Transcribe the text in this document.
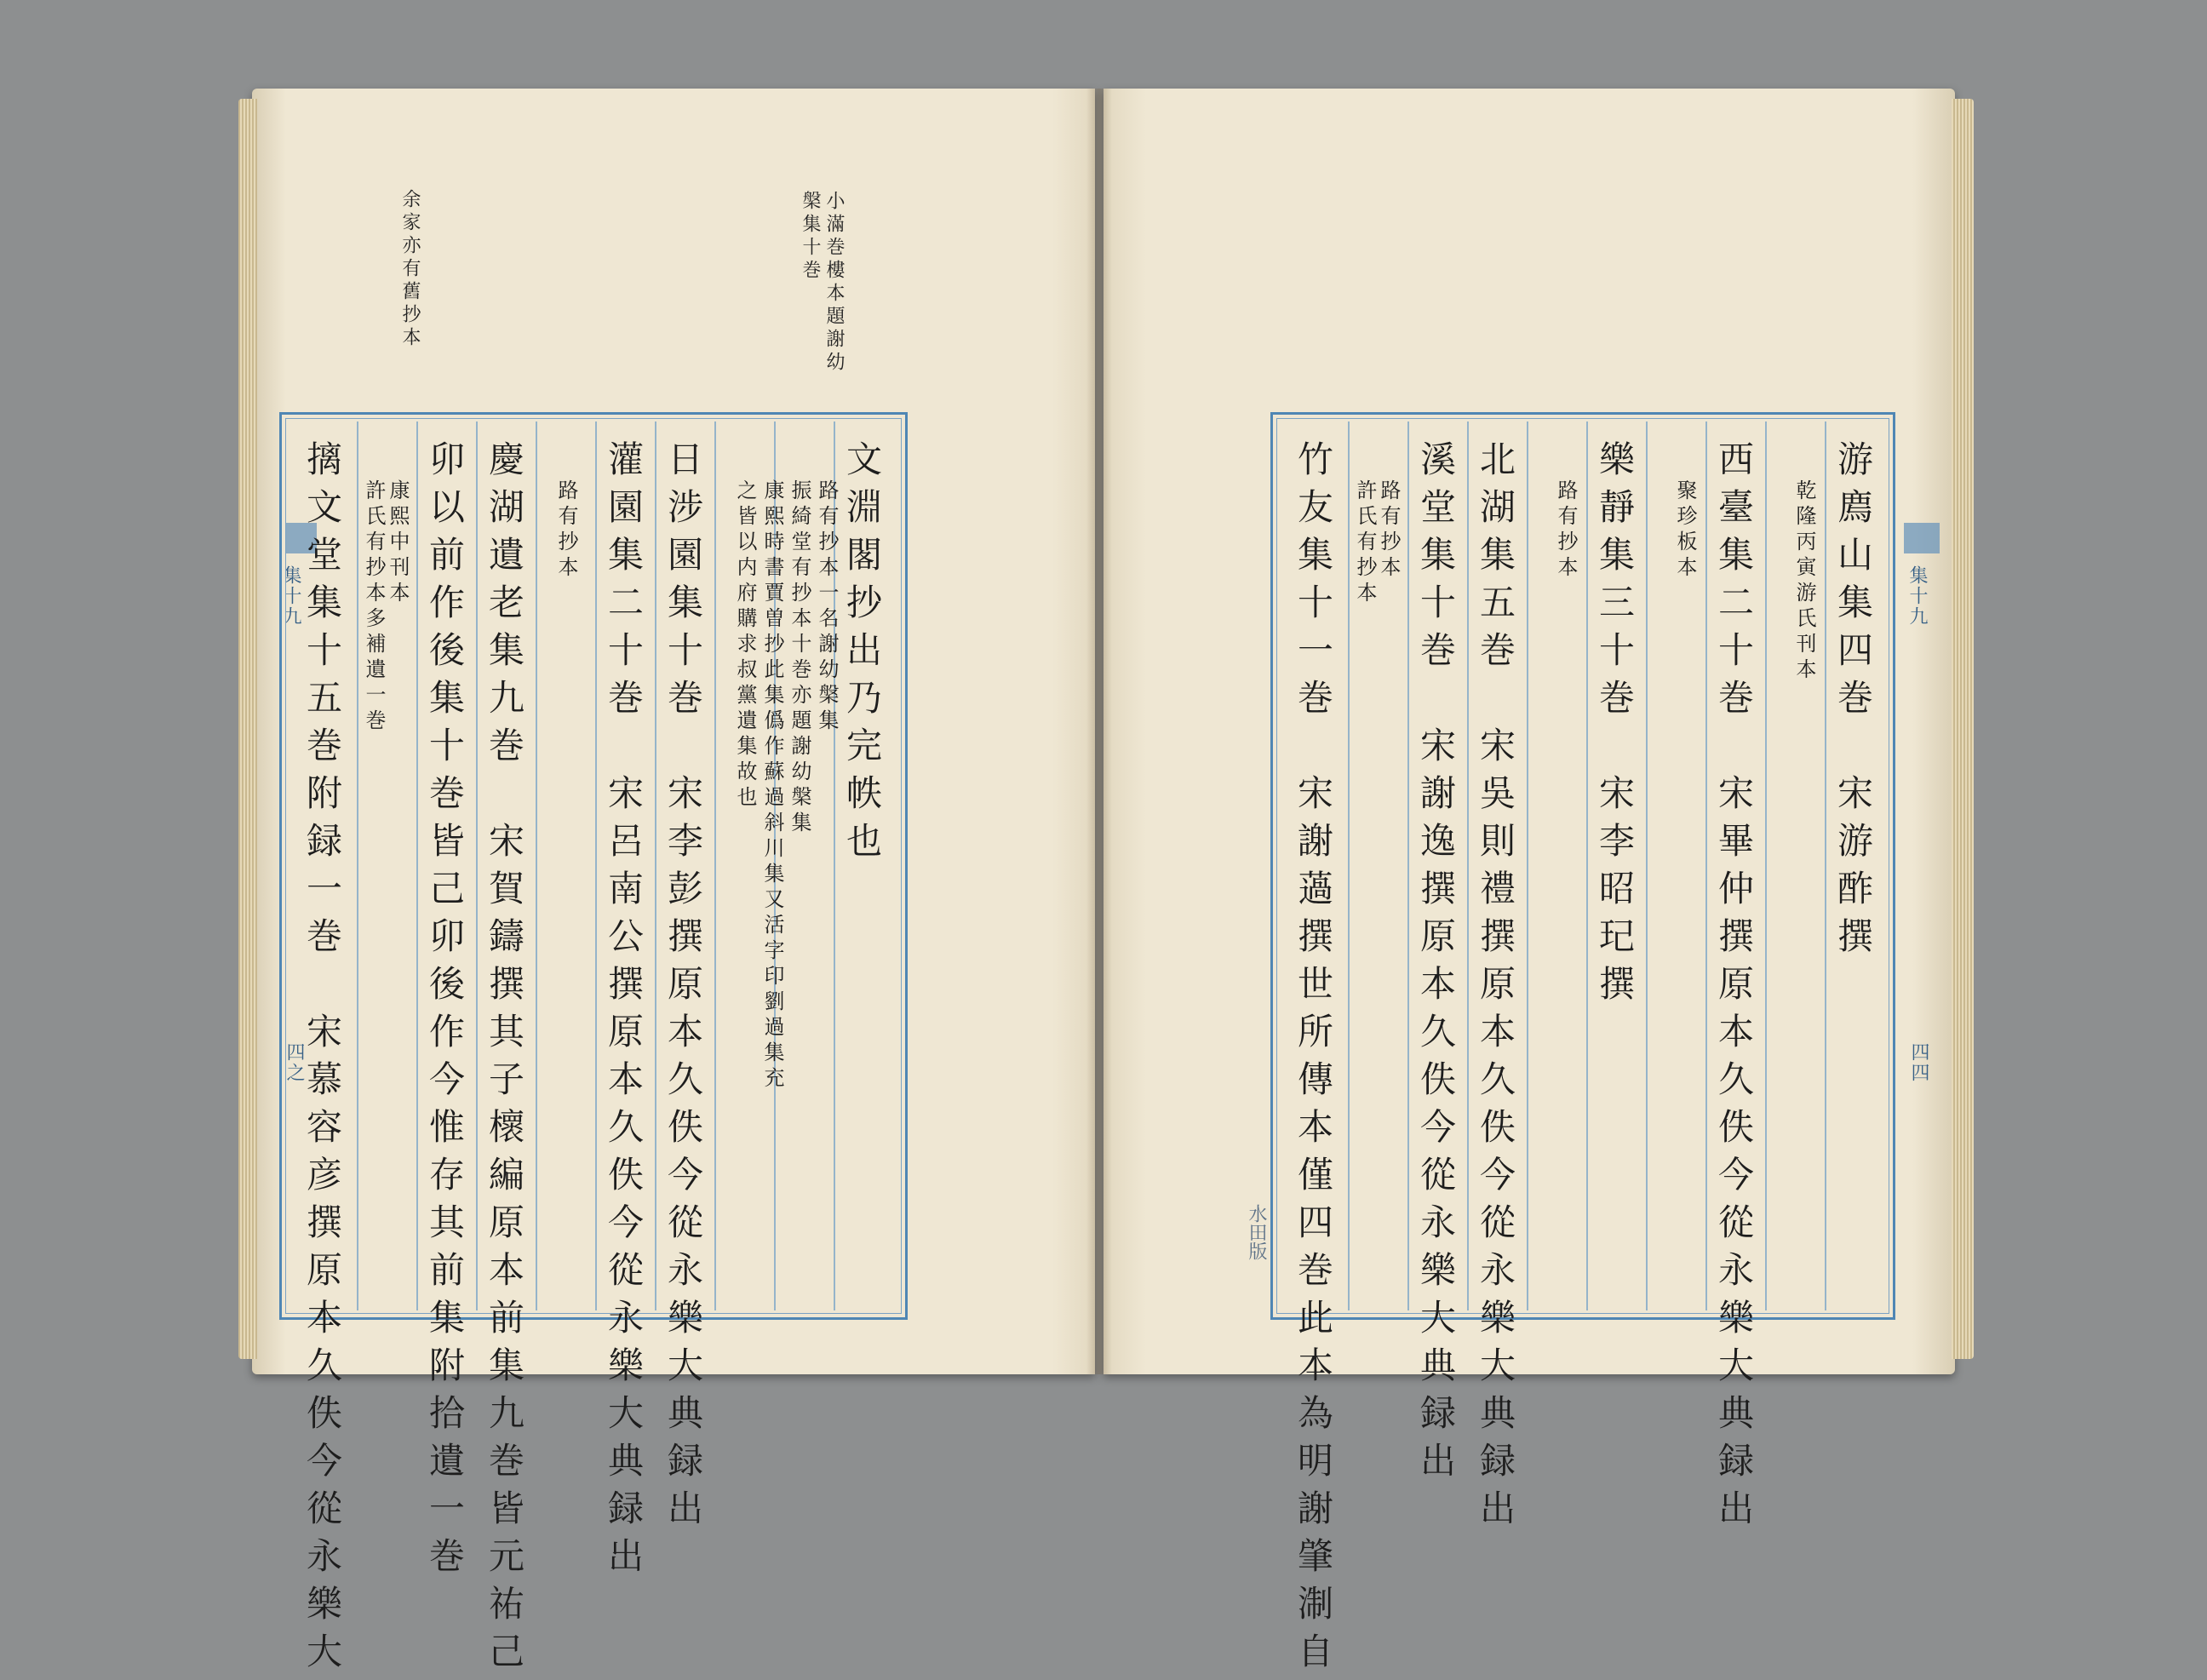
小滿巻樓本題謝幼
槃集十巻
余家亦有舊抄本
集十九
四之
文淵閣抄出乃完帙也
路有抄本一名謝幼槃集
振綺堂有抄本十巻亦題謝幼槃集
康熙時書賈曽抄此集僞作蘇過斜川集又活字印劉過集充
之皆以内府購求叔黨遺集故也
日涉園集十巻　宋李彭撰原本久佚今從永樂大典録出
灌園集二十巻　宋呂南公撰原本久佚今從永樂大典録出
路有抄本
慶湖遺老集九巻　宋賀鑄撰其子櫰編原本前集九巻皆元祐己
卯以前作後集十巻皆己卯後作今惟存其前集附拾遺一巻
康熙中刊本
許氏有抄本多補遺一巻
摛文堂集十五巻附録一巻　宋慕容彦撰原本久佚今從永樂大	集十九
四四
游廌山集四巻　宋游酢撰
乾隆丙寅游氏刊本
西臺集二十巻　宋畢仲撰原本久佚今從永樂大典録出
聚珍板本
樂靜集三十巻　宋李昭玘撰
路有抄本
北湖集五巻　宋吳則禮撰原本久佚今從永樂大典録出
溪堂集十巻　宋謝逸撰原本久佚今從永樂大典録出
路有抄本
許氏有抄本
竹友集十一巻　宋謝薖撰世所傳本僅四巻此本為明謝肇淛自
水田版
